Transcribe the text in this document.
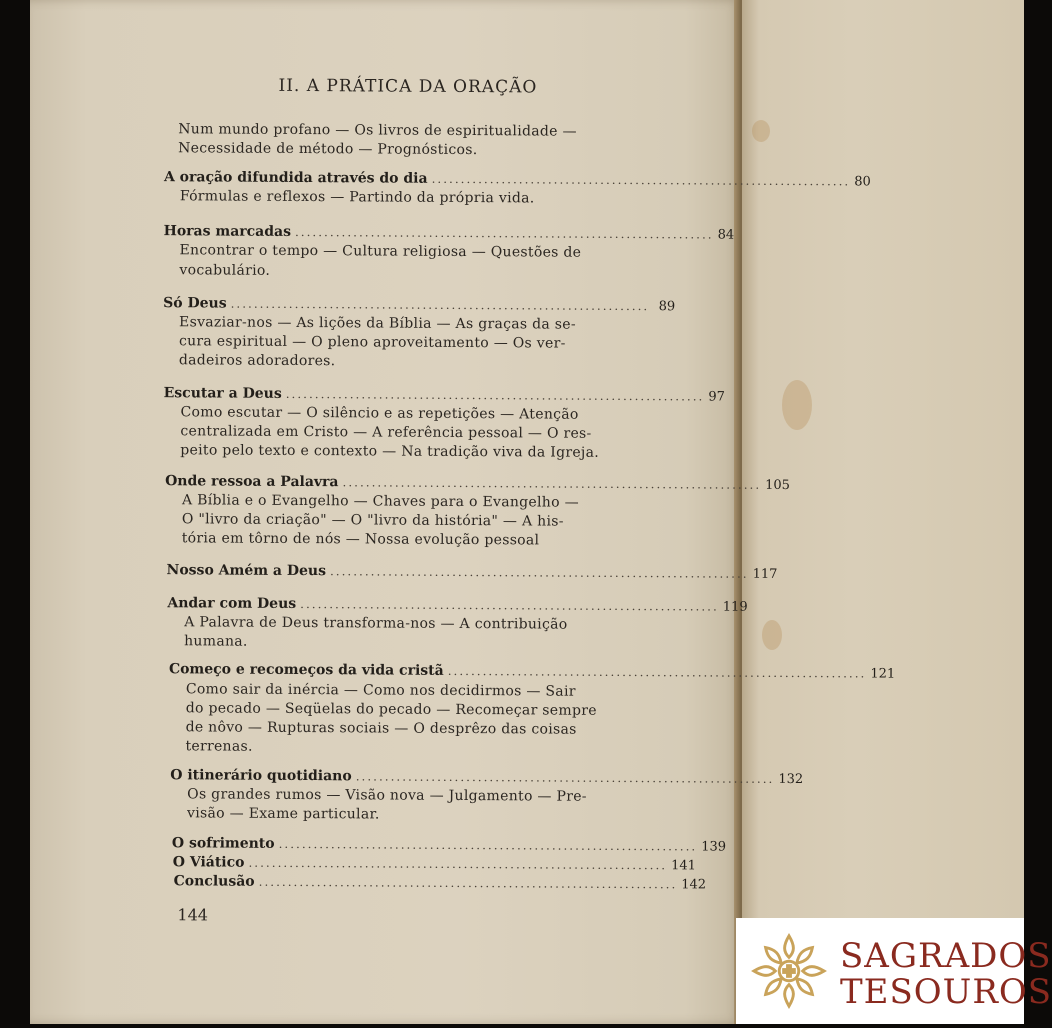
II. A PRÁTICA DA ORAÇÃO
Num mundo profano — Os livros de espiritualidade —
Necessidade de método — Prognósticos.
A oração difundida através do dia ........................................................................ 80
Fórmulas e reflexos — Partindo da própria vida.
Horas marcadas ........................................................................ 84
Encontrar o tempo — Cultura religiosa — Questões de
vocabulário.
Só Deus ........................................................................ 89
Esvaziar-nos — As lições da Bíblia — As graças da se-
cura espiritual — O pleno aproveitamento — Os ver-
dadeiros adoradores.
Escutar a Deus ........................................................................ 97
Como escutar — O silêncio e as repetições — Atenção
centralizada em Cristo — A referência pessoal — O res-
peito pelo texto e contexto — Na tradição viva da Igreja.
Onde ressoa a Palavra ........................................................................ 105
A Bíblia e o Evangelho — Chaves para o Evangelho —
O "livro da criação" — O "livro da história" — A his-
tória em tôrno de nós — Nossa evolução pessoal
Nosso Amém a Deus ........................................................................ 117
Andar com Deus ........................................................................ 119
A Palavra de Deus transforma-nos — A contribuição
humana.
Começo e recomeços da vida cristã ........................................................................ 121
Como sair da inércia — Como nos decidirmos — Sair
do pecado — Seqüelas do pecado — Recomeçar sempre
de nôvo — Rupturas sociais — O desprêzo das coisas
terrenas.
O itinerário quotidiano ........................................................................ 132
Os grandes rumos — Visão nova — Julgamento — Pre-
visão — Exame particular.
O sofrimento ........................................................................ 139
O Viático ........................................................................ 141
Conclusão ........................................................................ 142
144
SAGRADOS
TESOUROS
